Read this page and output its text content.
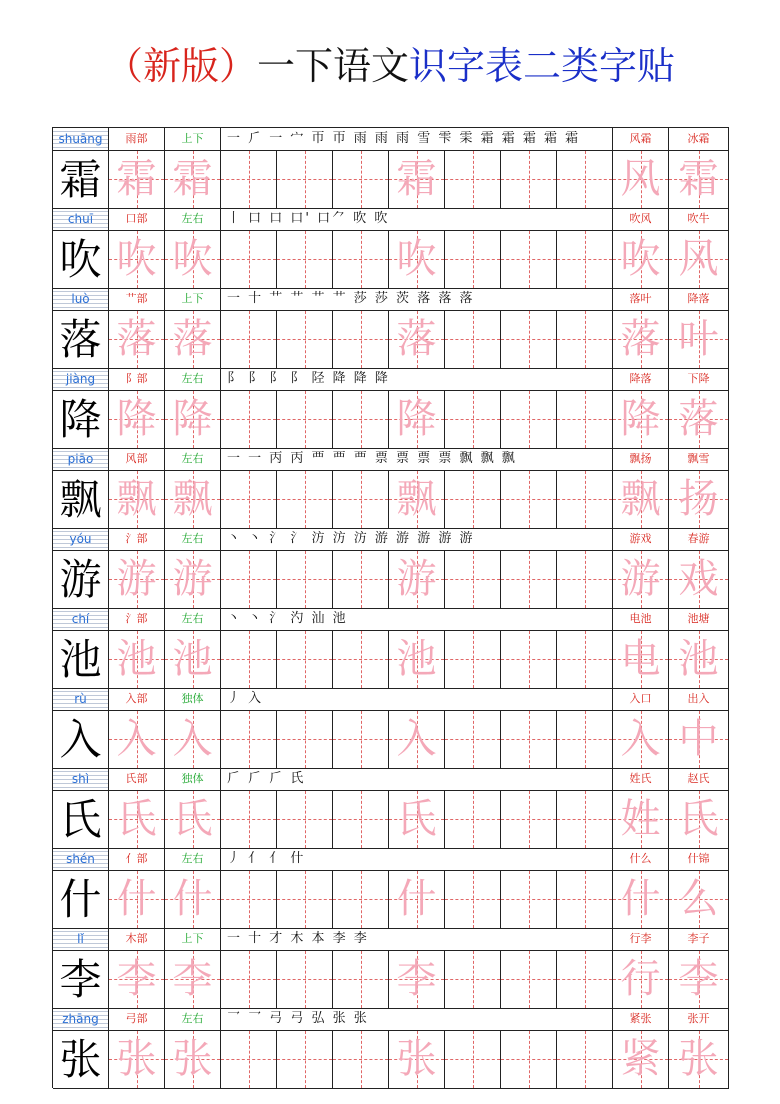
（新版）一下语文识字表二类字贴
shuāng	雨部	上下	一 ⺁ 一 宀 帀 帀 雨 雨 雨 雪 雫 雬 霜 霜 霜 霜 霜	风霜	冰霜
霜 霜 霜	霜	风 霜
chuī	口部	左右	丨 口 口 口' 口⺈ 吹 吹	吹风	吹牛
吹 吹 吹	吹	吹 风
luò	艹部	上下	一 十 艹 艹 艹 艹 莎 莎 茨 落 落 落	落叶	降落
落 落 落	落	落 叶
jiàng	阝部	左右	⻖ 阝 阝 阝 陉 降 降 降	降落	下降
降 降 降	降	降 落
piāo	风部	左右	一 一 丙 丙 覀 覀 覀 票 票 票 票 飘 飘 飘	飘扬	飘雪
飘 飘 飘	飘	飘 扬
yóu	氵部	左右	丶 丶 氵 氵 汸 汸 汸 游 游 游 游 游	游戏	春游
游 游 游	游	游 戏
chí	氵部	左右	丶 丶 氵 汋 汕 池	电池	池塘
池 池 池	池	电 池
rù	入部	独体	丿 入	入口	出入
入 入 入	入	入 中
shì	氏部	独体	𠂆 𠂆 𠂆 氏	姓氏	赵氏
氏 氏 氏	氏	姓 氏
shén	亻部	左右	丿 亻 亻 什	什么	什锦
什 什 什	什	什 么
lǐ	木部	上下	一 十 才 木 本 李 李	行李	李子
李 李 李	李	行 李
zhāng	弓部	左右	⺂ ⺂ 弓 弓 弘 张 张	紧张	张开
张 张 张	张	紧 张
